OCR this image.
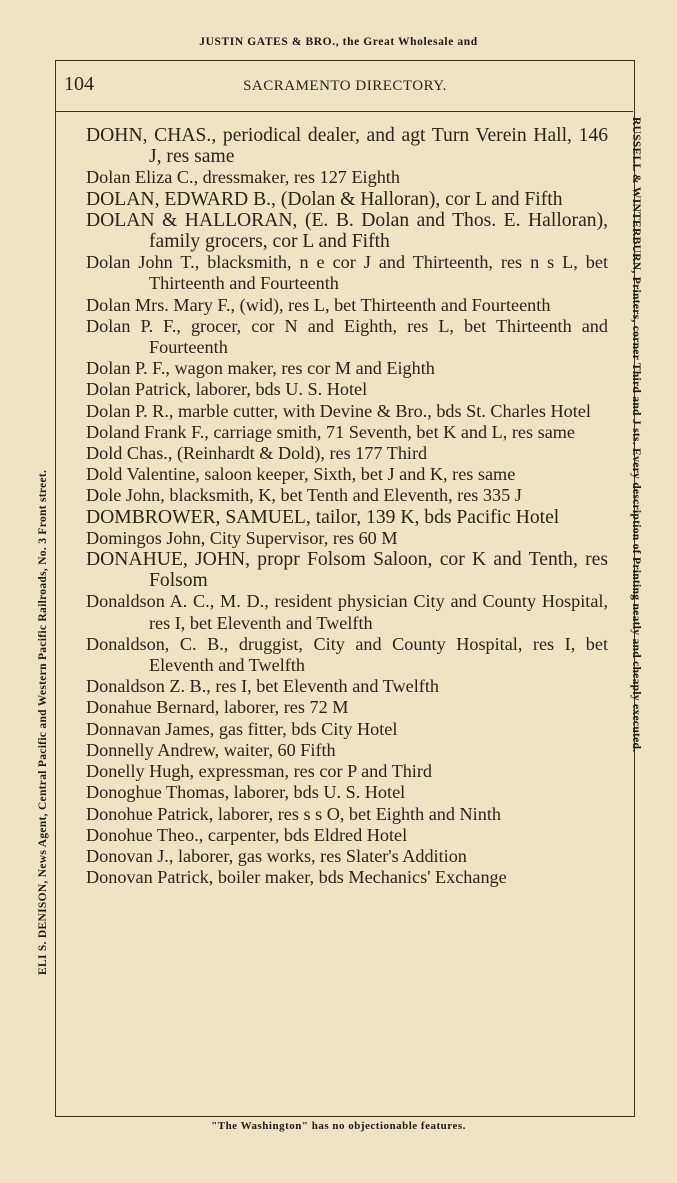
JUSTIN GATES & BRO., the Great Wholesale and
104	SACRAMENTO DIRECTORY.
ELI S. DENISON, News Agent, Central Pacific and Western Pacific Railroads, No. 3 Front street.	RUSSELL & WINTERBURN, Printers, corner Third and J sts. Every description of Printing neatly and cheaply executed.
DOHN, CHAS., periodical dealer, and agt Turn Verein Hall, 146 J, res same
Dolan Eliza C., dressmaker, res 127 Eighth
DOLAN, EDWARD B., (Dolan & Halloran), cor L and Fifth
DOLAN & HALLORAN, (E. B. Dolan and Thos. E. Halloran), family grocers, cor L and Fifth
Dolan John T., blacksmith, n e cor J and Thirteenth, res n s L, bet Thirteenth and Fourteenth
Dolan Mrs. Mary F., (wid), res L, bet Thirteenth and Fourteenth
Dolan P. F., grocer, cor N and Eighth, res L, bet Thirteenth and Fourteenth
Dolan P. F., wagon maker, res cor M and Eighth
Dolan Patrick, laborer, bds U. S. Hotel
Dolan P. R., marble cutter, with Devine & Bro., bds St. Charles Hotel
Doland Frank F., carriage smith, 71 Seventh, bet K and L, res same
Dold Chas., (Reinhardt & Dold), res 177 Third
Dold Valentine, saloon keeper, Sixth, bet J and K, res same
Dole John, blacksmith, K, bet Tenth and Eleventh, res 335 J
DOMBROWER, SAMUEL, tailor, 139 K, bds Pacific Hotel
Domingos John, City Supervisor, res 60 M
DONAHUE, JOHN, propr Folsom Saloon, cor K and Tenth, res Folsom
Donaldson A. C., M. D., resident physician City and County Hospital, res I, bet Eleventh and Twelfth
Donaldson, C. B., druggist, City and County Hospital, res I, bet Eleventh and Twelfth
Donaldson Z. B., res I, bet Eleventh and Twelfth
Donahue Bernard, laborer, res 72 M
Donnavan James, gas fitter, bds City Hotel
Donnelly Andrew, waiter, 60 Fifth
Donelly Hugh, expressman, res cor P and Third
Donoghue Thomas, laborer, bds U. S. Hotel
Donohue Patrick, laborer, res s s O, bet Eighth and Ninth
Donohue Theo., carpenter, bds Eldred Hotel
Donovan J., laborer, gas works, res Slater's Addition
Donovan Patrick, boiler maker, bds Mechanics' Exchange
"The Washington" has no objectionable features.
